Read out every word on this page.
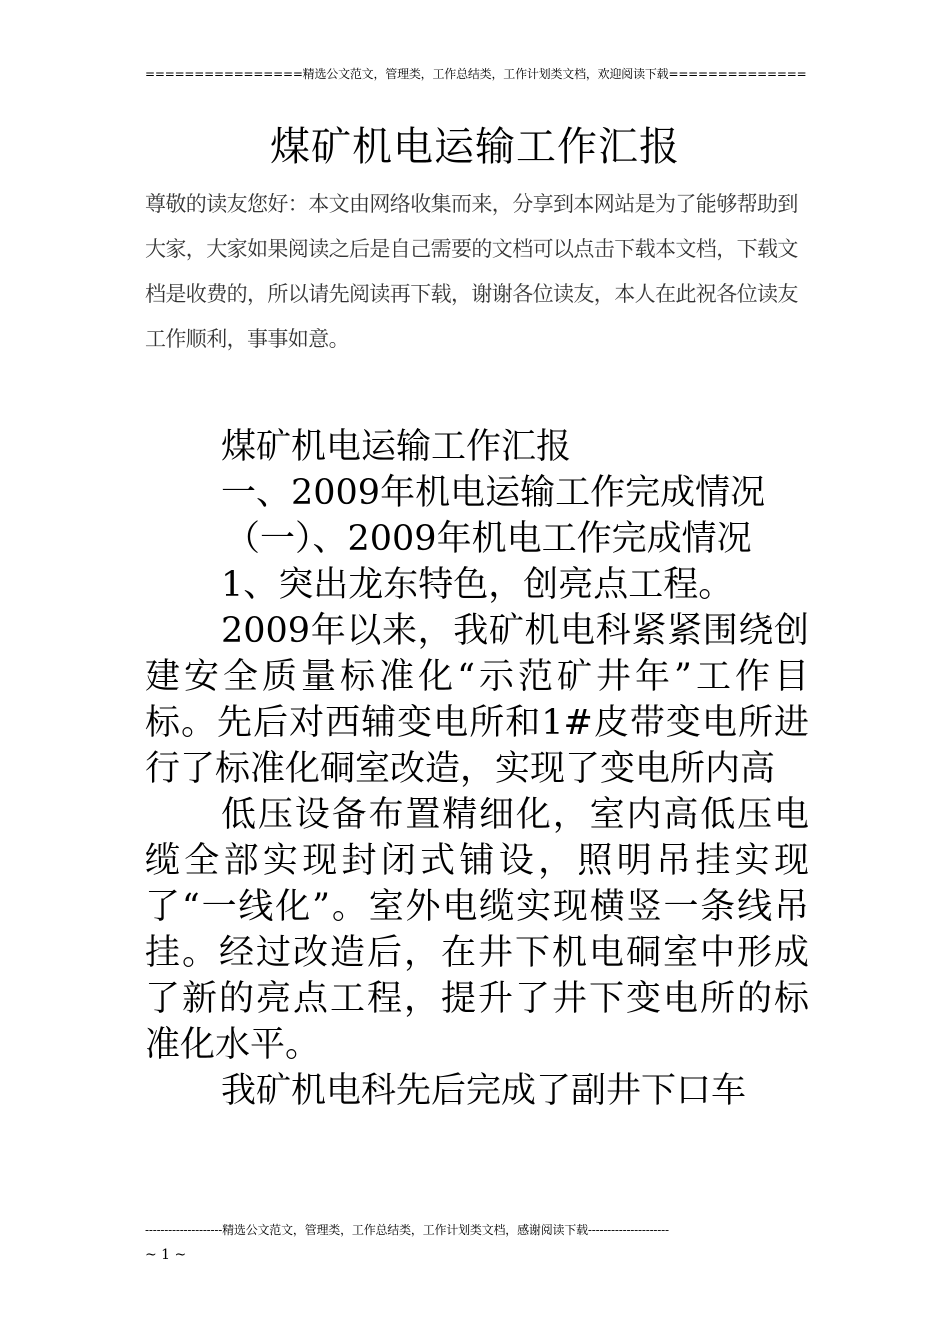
================精选公文范文，管理类，工作总结类，工作计划类文档，欢迎阅读下载==============
煤矿机电运输工作汇报
尊敬的读友您好：本文由网络收集而来，分享到本网站是为了能够帮助到大家，大家如果阅读之后是自己需要的文档可以点击下载本文档，下载文档是收费的，所以请先阅读再下载，谢谢各位读友，本人在此祝各位读友工作顺利，事事如意。

煤矿机电运输工作汇报

一、2009年机电运输工作完成情况

（一）、2009年机电工作完成情况

1、突出龙东特色，创亮点工程。

2009年以来，我矿机电科紧紧围绕创建安全质量标准化“示范矿井年”工作目标。先后对西辅变电所和1#皮带变电所进行了标准化硐室改造，实现了变电所内高

低压设备布置精细化，室内高低压电缆全部实现封闭式铺设，照明吊挂实现了“一线化”。室外电缆实现横竖一条线吊挂。经过改造后，在井下机电硐室中形成了新的亮点工程，提升了井下变电所的标准化水平。

我矿机电科先后完成了副井下口车

--------------------精选公文范文，管理类，工作总结类，工作计划类文档，感谢阅读下载---------------------
~ 1 ~
